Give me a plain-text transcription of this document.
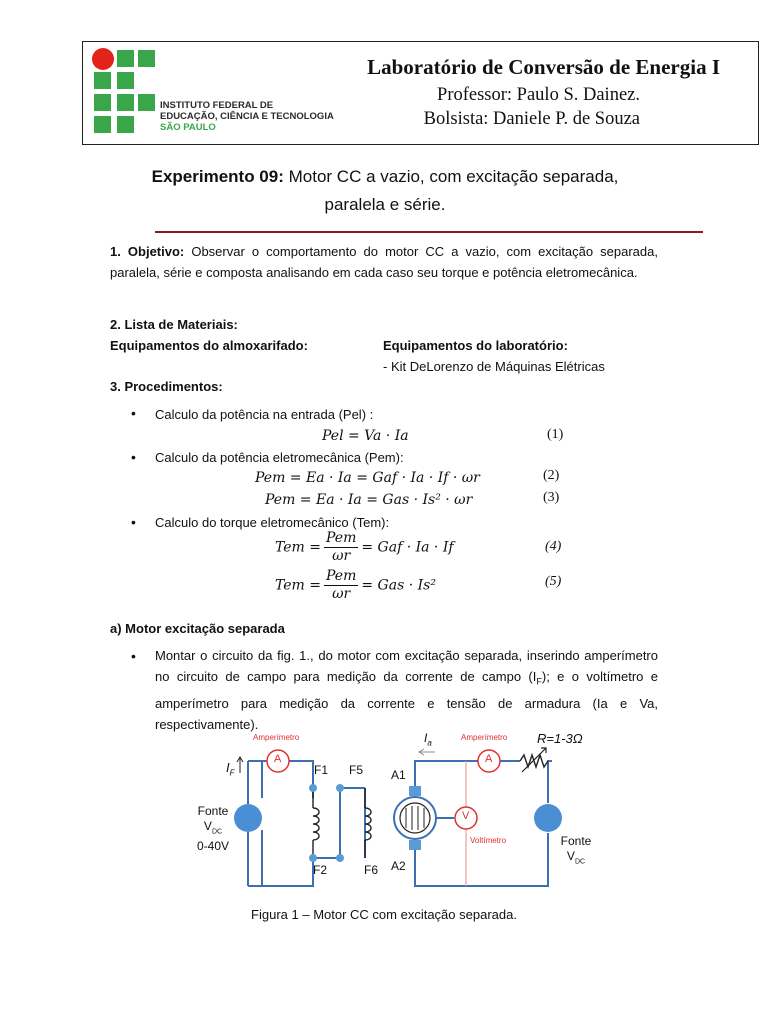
INSTITUTO FEDERAL DE
EDUCAÇÃO, CIÊNCIA E TECNOLOGIA
SÃO PAULO
Laboratório de Conversão de Energia I
Professor: Paulo S. Dainez.
Bolsista: Daniele P. de Souza
Experimento 09: Motor CC a vazio, com excitação separada,
paralela e série.
1. Objetivo: Observar o comportamento do motor CC a vazio, com excitação separada, paralela, série e composta analisando em cada caso seu torque e potência eletromecânica.
2. Lista de Materiais:
Equipamentos do almoxarifado:	Equipamentos do laboratório:
- Kit DeLorenzo de Máquinas Elétricas
3. Procedimentos:
• Calculo da potência na entrada (Pel) :
Pel = Va · Ia	(1)
• Calculo da potência eletromecânica (Pem):
Pem = Ea · Ia = Gaf · Ia · If · ωr	(2)
Pem = Ea · Ia = Gas · Is² · ωr	(3)
• Calculo do torque eletromecânico (Tem):
Tem = $\frac{\text{Pem}}{\omega r}$ = Gaf · Ia · If	(4)
Tem = $\frac{\text{Pem}}{\omega r}$ = Gas · Is²	(5)
a) Motor excitação separada
• Montar o circuito da fig. 1., do motor com excitação separada, inserindo amperímetro no circuito de campo para medição da corrente de campo $(I_F)$; e o voltímetro e amperímetro para medição da corrente e tensão de armadura (Ia e Va, respectivamente).
Amperímetro	Amperímetro
A	A
V
Voltímetro
$I_F$
$I_a$	R=1-3Ω
Fonte
$V_{DC}$
0-40V	Fonte
$V_{DC}$
F1 F5
F2	F6
A1
A2
Figura 1 – Motor CC com excitação separada.
